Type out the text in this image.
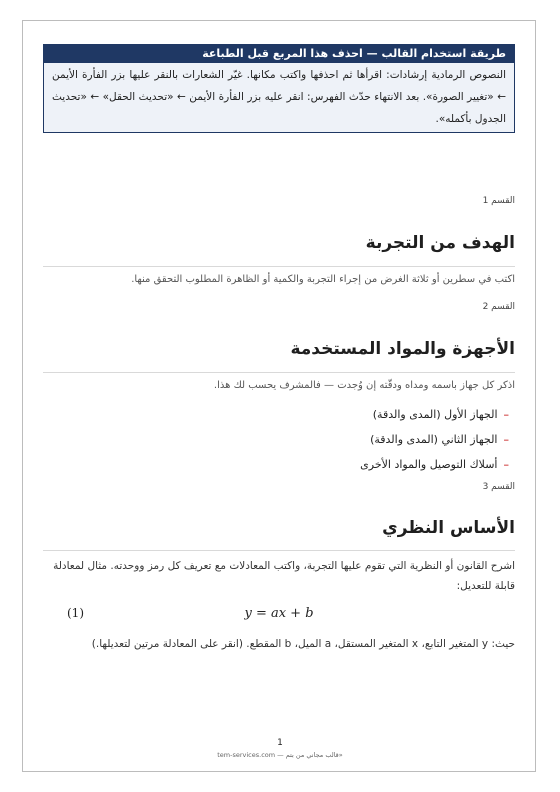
طريقة استخدام القالب — احذف هذا المربع قبل الطباعة
النصوص الرمادية إرشادات: اقرأها ثم احذفها واكتب مكانها. غيّر الشعارات بالنقر عليها بزر الفأرة الأيمن ← «تغيير الصورة». بعد الانتهاء حدّث الفهرس: انقر عليه بزر الفأرة الأيمن ← «تحديث الحقل» ← «تحديث الجدول بأكمله».
القسم 1
الهدف من التجربة
اكتب في سطرين أو ثلاثة الغرض من إجراء التجربة والكمية أو الظاهرة المطلوب التحقق منها.
القسم 2
الأجهزة والمواد المستخدمة
اذكر كل جهاز باسمه ومداه ودقّته إن وُجدت — فالمشرف يحسب لك هذا.
–الجهاز الأول (المدى والدقة)
–الجهاز الثاني (المدى والدقة)
–أسلاك التوصيل والمواد الأخرى
القسم 3
الأساس النظري
اشرح القانون أو النظرية التي تقوم عليها التجربة، واكتب المعادلات مع تعريف كل رمز ووحدته. مثال لمعادلة قابلة للتعديل:
y = ax + b
(1)
حيث: y المتغير التابع، x المتغير المستقل، a الميل، b المقطع. (انقر على المعادلة مرتين لتعديلها.)
1
tem-services.com — قالب مجاني من بتم»
